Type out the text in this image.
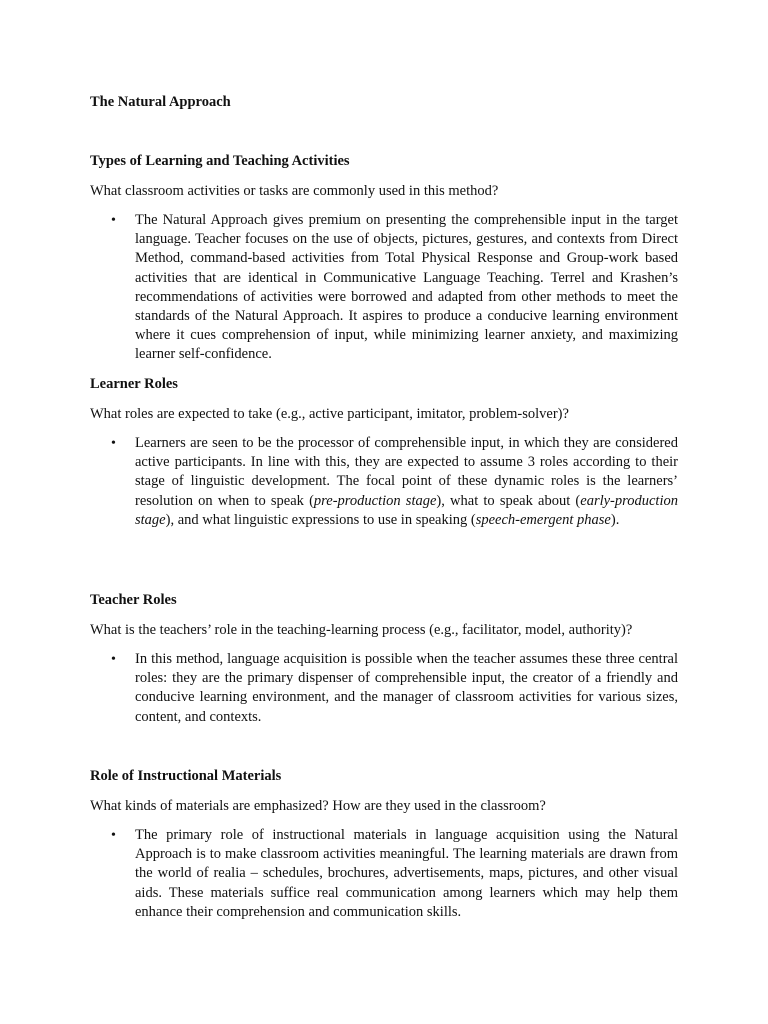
The Natural Approach

Types of Learning and Teaching Activities

What classroom activities or tasks are commonly used in this method?

• The Natural Approach gives premium on presenting the comprehensible input in the target language. Teacher focuses on the use of objects, pictures, gestures, and contexts from Direct Method, command-based activities from Total Physical Response and Group-work based activities that are identical in Communicative Language Teaching. Terrel and Krashen’s recommendations of activities were borrowed and adapted from other methods to meet the standards of the Natural Approach. It aspires to produce a conducive learning environment where it cues comprehension of input, while minimizing learner anxiety, and maximizing learner self-confidence.

Learner Roles

What roles are expected to take (e.g., active participant, imitator, problem-solver)?

• Learners are seen to be the processor of comprehensible input, in which they are considered active participants. In line with this, they are expected to assume 3 roles according to their stage of linguistic development. The focal point of these dynamic roles is the learners’ resolution on when to speak (pre-production stage), what to speak about (early-production stage), and what linguistic expressions to use in speaking (speech-emergent phase).

Teacher Roles

What is the teachers’ role in the teaching-learning process (e.g., facilitator, model, authority)?

• In this method, language acquisition is possible when the teacher assumes these three central roles: they are the primary dispenser of comprehensible input, the creator of a friendly and conducive learning environment, and the manager of classroom activities for various sizes, content, and contexts.

Role of Instructional Materials

What kinds of materials are emphasized? How are they used in the classroom?

• The primary role of instructional materials in language acquisition using the Natural Approach is to make classroom activities meaningful. The learning materials are drawn from the world of realia – schedules, brochures, advertisements, maps, pictures, and other visual aids. These materials suffice real communication among learners which may help them enhance their comprehension and communication skills.
